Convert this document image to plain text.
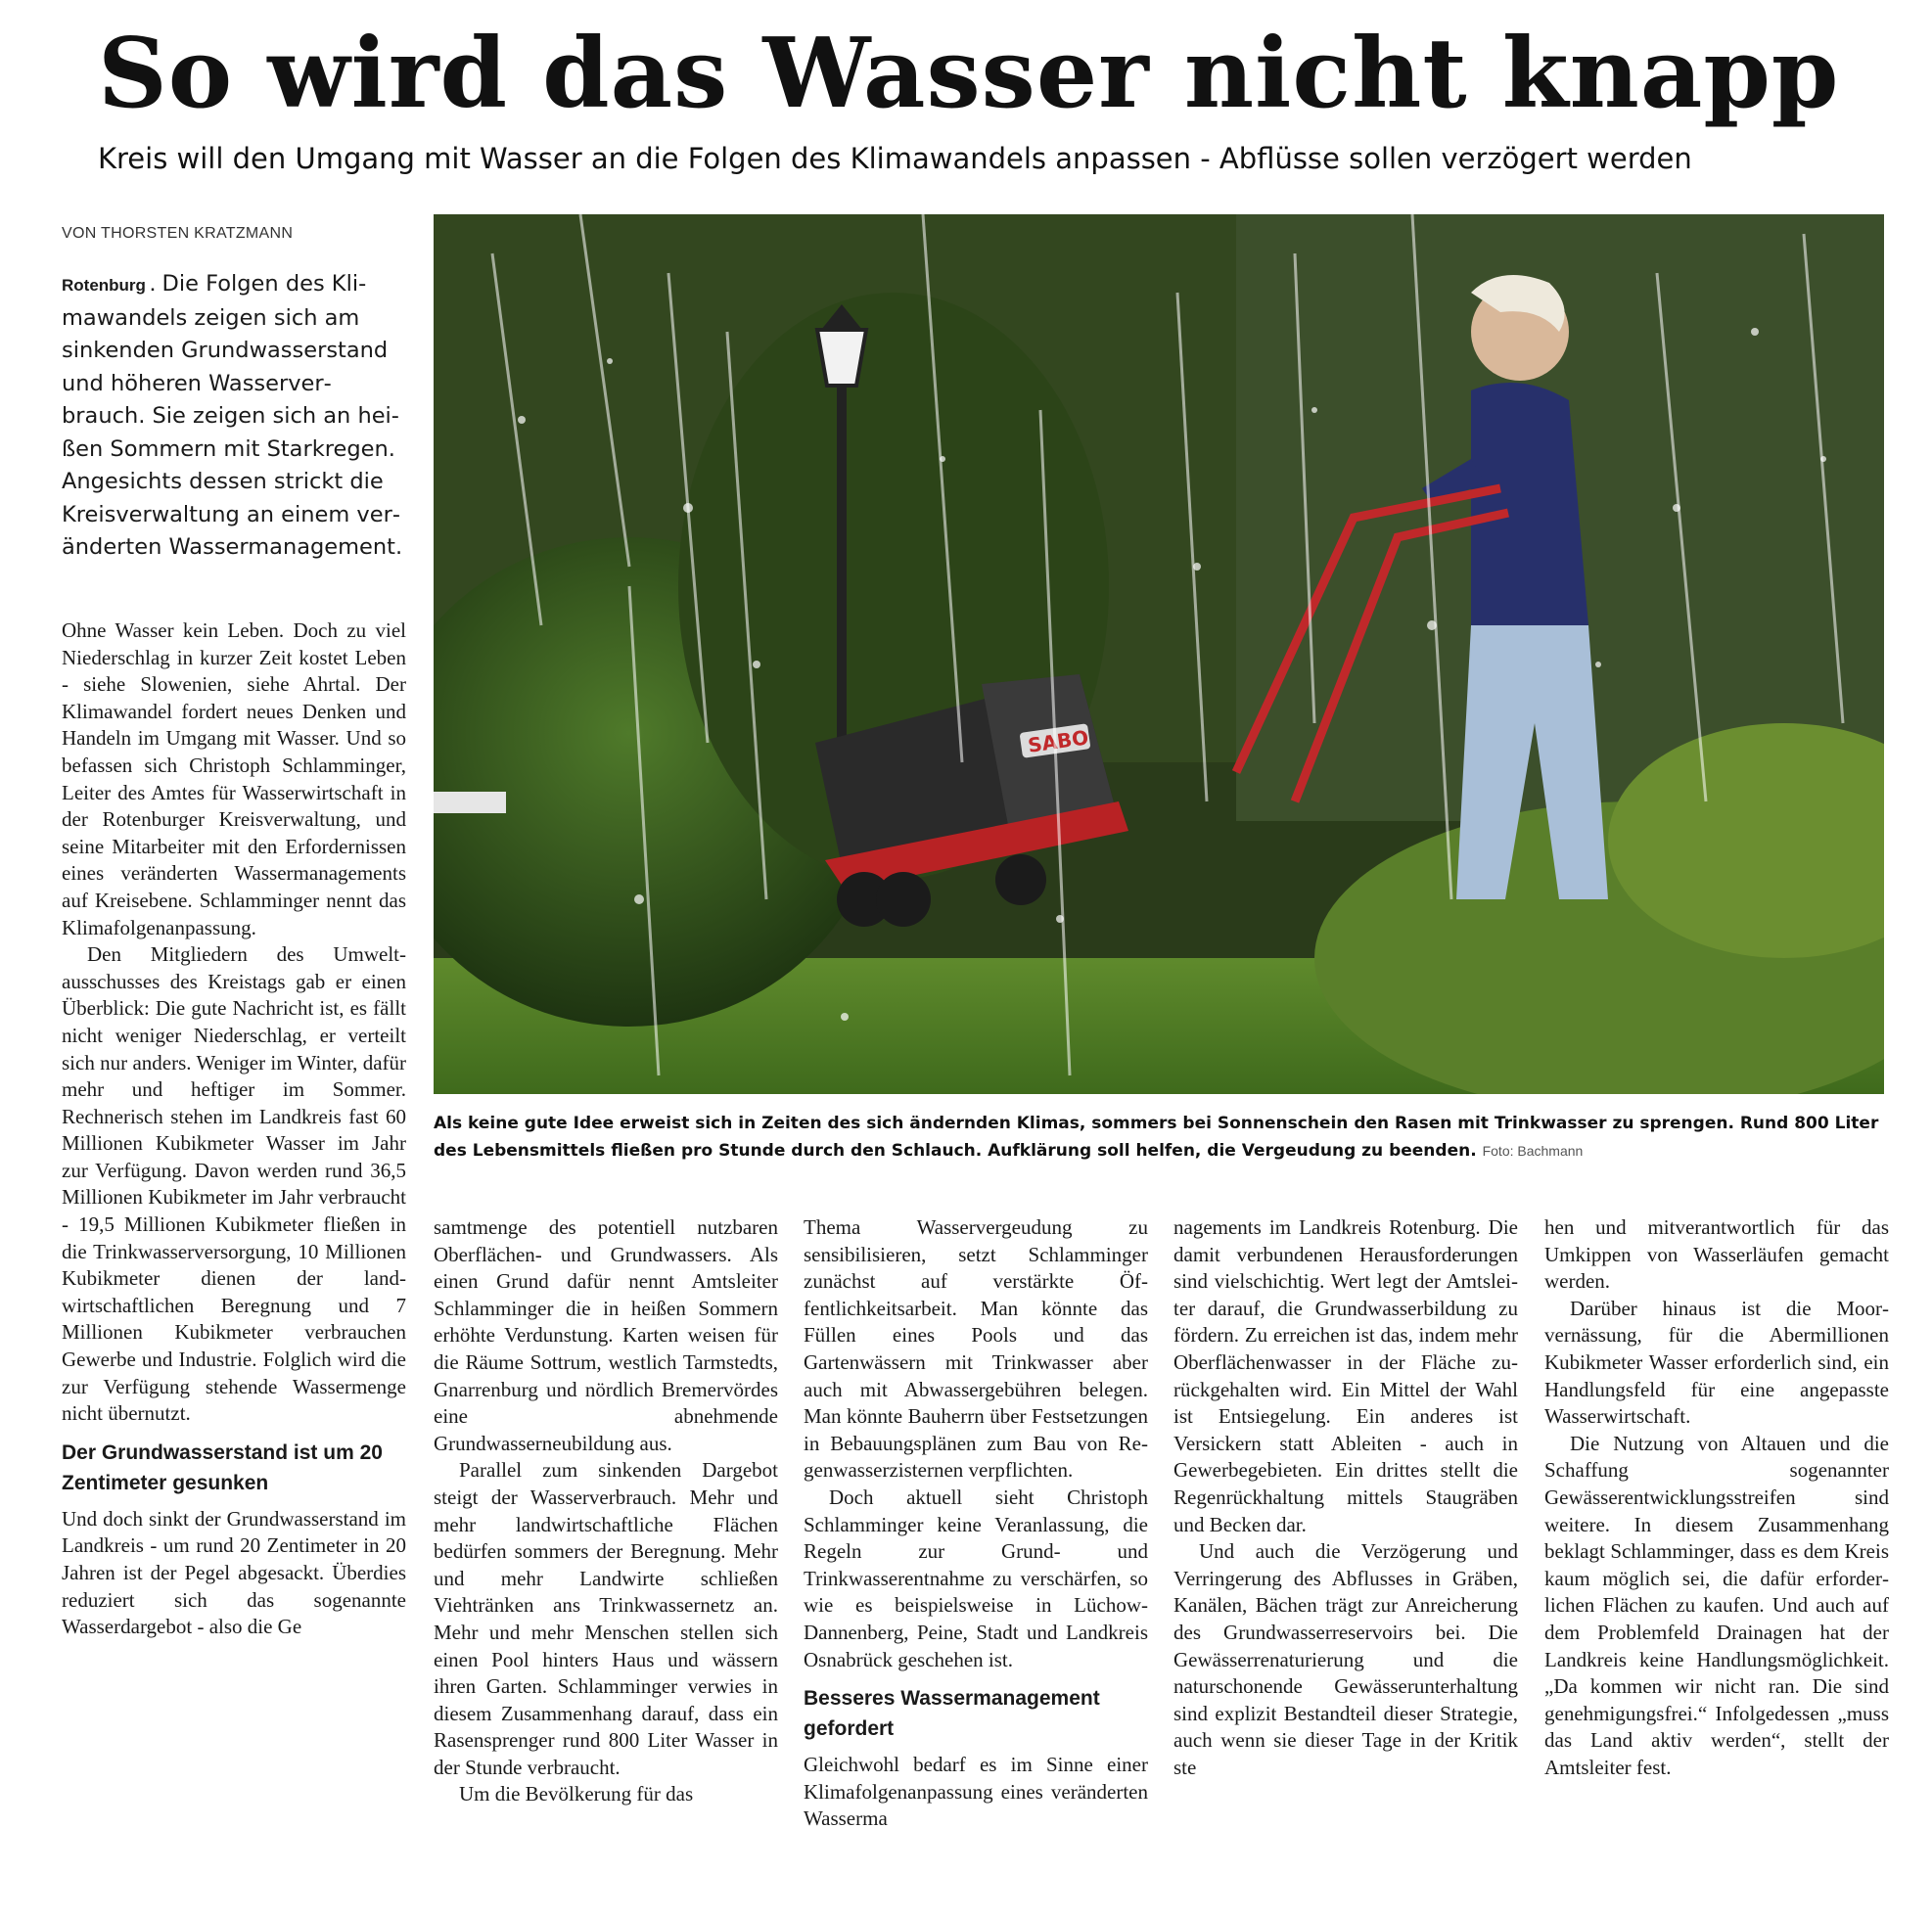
So wird das Wasser nicht knapp
Kreis will den Umgang mit Wasser an die Folgen des Klimawandels anpassen - Abflüsse sollen verzögert werden
VON THORSTEN KRATZMANN
Rotenburg . Die Folgen des Klimawandels zeigen sich am sinkenden Grundwasserstand und höheren Wasserverbrauch. Sie zeigen sich an heißen Sommern mit Starkregen. Angesichts dessen strickt die Kreisverwaltung an einem veränderten Wassermanagement.
SABO
Als keine gute Idee erweist sich in Zeiten des sich ändernden Klimas, sommers bei Sonnenschein den Rasen mit Trinkwasser zu sprengen. Rund 800 Liter des Lebensmittels fließen pro Stunde durch den Schlauch. Aufklärung soll helfen, die Vergeudung zu beenden. Foto: Bachmann

Ohne Wasser kein Leben. Doch zu viel Niederschlag in kurzer Zeit kostet Leben - siehe Slowenien, siehe Ahrtal. Der Klimawandel fordert neues Denken und Handeln im Umgang mit Wasser. Und so befassen sich Christoph Schlamminger, Leiter des Amtes für Wasserwirtschaft in der Rotenburger Kreisverwaltung, und seine Mitarbeiter mit den Erfordernissen eines veränderten Wassermanagements auf Kreisebene. Schlamminger nennt das Klimafolgenanpassung.

Den Mitgliedern des Umweltausschusses des Kreistags gab er einen Überblick: Die gute Nachricht ist, es fällt nicht weniger Niederschlag, er verteilt sich nur anders. Weniger im Winter, dafür mehr und heftiger im Sommer. Rechnerisch stehen im Landkreis fast 60 Millionen Kubikmeter Wasser im Jahr zur Verfügung. Davon werden rund 36,5 Millionen Kubikmeter im Jahr verbraucht - 19,5 Millionen Kubikmeter fließen in die Trinkwasserversorgung, 10 Millionen Kubikmeter dienen der landwirtschaftlichen Beregnung und 7 Millionen Kubikmeter verbrauchen Gewerbe und Industrie. Folglich wird die zur Verfügung stehende Wassermenge nicht übernutzt.

Der Grundwasserstand ist um 20 Zentimeter gesunken

Und doch sinkt der Grundwasserstand im Landkreis - um rund 20 Zentimeter in 20 Jahren ist der Pegel abgesackt. Überdies reduziert sich das sogenannte Wasserdargebot - also die Ge

samtmenge des potentiell nutzbaren Oberflächen- und Grundwassers. Als einen Grund dafür nennt Amtsleiter Schlamminger die in heißen Sommern erhöhte Verdunstung. Karten weisen für die Räume Sottrum, westlich Tarmstedts, Gnarrenburg und nördlich Bremervördes eine abnehmende Grundwasserneubildung aus.

Parallel zum sinkenden Dargebot steigt der Wasserverbrauch. Mehr und mehr landwirtschaftliche Flächen bedürfen sommers der Beregnung. Mehr und mehr Landwirte schließen Viehtränken ans Trinkwassernetz an. Mehr und mehr Menschen stellen sich einen Pool hinters Haus und wässern ihren Garten. Schlamminger verwies in diesem Zusammenhang darauf, dass ein Rasensprenger rund 800 Liter Wasser in der Stunde verbraucht.

Um die Bevölkerung für das

Thema Wasservergeudung zu sensibilisieren, setzt Schlamminger zunächst auf verstärkte Öffentlichkeitsarbeit. Man könnte das Füllen eines Pools und das Gartenwässern mit Trinkwasser aber auch mit Abwassergebühren belegen. Man könnte Bauherrn über Festsetzungen in Bebauungsplänen zum Bau von Regenwasserzisternen verpflichten.

Doch aktuell sieht Christoph Schlamminger keine Veranlassung, die Regeln zur Grund- und Trinkwasserentnahme zu verschärfen, so wie es beispielsweise in Lüchow-Dannenberg, Peine, Stadt und Landkreis Osnabrück geschehen ist.

Besseres Wassermanagement gefordert

Gleichwohl bedarf es im Sinne einer Klimafolgenanpassung eines veränderten Wasserma

nagements im Landkreis Rotenburg. Die damit verbundenen Herausforderungen sind vielschichtig. Wert legt der Amtsleiter darauf, die Grundwasserbildung zu fördern. Zu erreichen ist das, indem mehr Oberflächenwasser in der Fläche zurückgehalten wird. Ein Mittel der Wahl ist Entsiegelung. Ein anderes ist Versickern statt Ableiten - auch in Gewerbegebieten. Ein drittes stellt die Regenrückhaltung mittels Staugräben und Becken dar.

Und auch die Verzögerung und Verringerung des Abflusses in Gräben, Kanälen, Bächen trägt zur Anreicherung des Grundwasserreservoirs bei. Die Gewässerrenaturierung und die naturschonende Gewässerunterhaltung sind explizit Bestandteil dieser Strategie, auch wenn sie dieser Tage in der Kritik ste

hen und mitverantwortlich für das Umkippen von Wasserläufen gemacht werden.

Darüber hinaus ist die Moorvernässung, für die Abermillionen Kubikmeter Wasser erforderlich sind, ein Handlungsfeld für eine angepasste Wasserwirtschaft.

Die Nutzung von Altauen und die Schaffung sogenannter Gewässerentwicklungsstreifen sind weitere. In diesem Zusammenhang beklagt Schlamminger, dass es dem Kreis kaum möglich sei, die dafür erforderlichen Flächen zu kaufen. Und auch auf dem Problemfeld Drainagen hat der Landkreis keine Handlungsmöglichkeit. „Da kommen wir nicht ran. Die sind genehmigungsfrei.“ Infolgedessen „muss das Land aktiv werden“, stellt der Amtsleiter fest.
